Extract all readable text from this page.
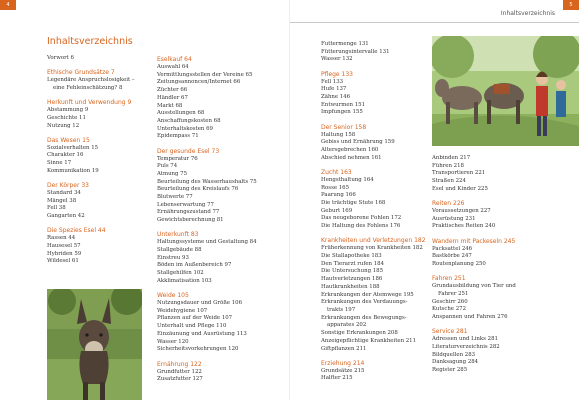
4	5
Inhaltsverzeichnis
Inhaltsverzeichnis
Vorwort 6
Ethische Grundsätze 7
Legendäre Anspruchslosigkeit –
eine Fehleinschätzung? 8
Herkunft und Verwendung 9
Abstammung 9
Geschichte 11
Nutzung 12
Das Wesen 15
Sozialverhalten 15
Charakter 16
Sinne 17
Kommunikation 19
Der Körper 33
Standard 34
Mängel 38
Fell 38
Gangarten 42
Die Spezies Esel 44
Rassen 44
Hausesel 57
Hybriden 59
Wildesel 61
Eselkauf 64
Auswahl 64
Vermittlungsstellen der Vereine 65
Zeitungsannoncen/Internet 66
Züchter 66
Händler 67
Markt 68
Ausstellungen 68
Anschaffungskosten 68
Unterhaltskosten 69
Epidempass 71
Der gesunde Esel 73
Temperatur 76
Puls 74
Atmung 75
Beurteilung des Wasserhaushalts 75
Beurteilung des Kreislaufs 76
Blutwerte 77
Lebenserwartung 77
Ernährungszustand 77
Gewichtsberechnung 81
Unterkunft 83
Haltungssysteme und Gestaltung 84
Stallgebäude 88
Einstreu 93
Böden im Außenbereich 97
Stallgehilfen 102
Akklimatisation 103
Weide 105
Nutzungsdauer und Größe 106
Weidehygiene 107
Pflanzen auf der Weide 107
Unterhalt und Pflege 110
Einzäunung und Ausrüstung 113
Wasser 120
Sicherheitsvorkehrungen 120
Ernährung 122
Grundfutter 122
Zusatzfutter 127
Futtermenge 131
Fütterungsintervalle 131
Wasser 132
Pflege 133
Fell 133
Hufe 137
Zähne 146
Entwurmen 151
Impfungen 155
Der Senior 158
Haltung 158
Gebiss und Ernährung 159
Altersgebrechen 160
Abschied nehmen 161
Zucht 163
Hengsthaltung 164
Rosse 165
Paarung 166
Die trächtige Stute 168
Geburt 169
Das neugeborene Fohlen 172
Die Haltung des Fohlens 176
Krankheiten und Verletzungen 182
Früherkennung von Krankheiten 182
Die Stallapotheke 183
Den Tierarzt rufen 184
Die Untersuchung 185
Hautverletzungen 186
Hautkrankheiten 188
Erkrankungen der Atemwege 195
Erkrankungen des Verdauungs-
trakts 197
Erkrankungen des Bewegungs-
apparates 202
Sonstige Erkrankungen 208
Anzeigepflichtige Krankheiten 211
Giftpflanzen 211
Erziehung 214
Grundsätze 215
Halfter 215
Anbinden 217
Führen 218
Transportieren 221
Straßen 224
Esel und Kinder 225
Reiten 226
Voraussetzungen 227
Ausrüstung 231
Praktisches Reiten 240
Wandern mit Packeseln 245
Packsattel 246
Bastkörbe 247
Routenplanung 250
Fahren 251
Grundausbildung von Tier und
Fahrer 251
Geschirr 260
Kutsche 272
Anspannen und Fahren 276
Service 281
Adressen und Links 281
Literaturverzeichnis 282
Bildquellen 283
Danksagung 284
Register 285
